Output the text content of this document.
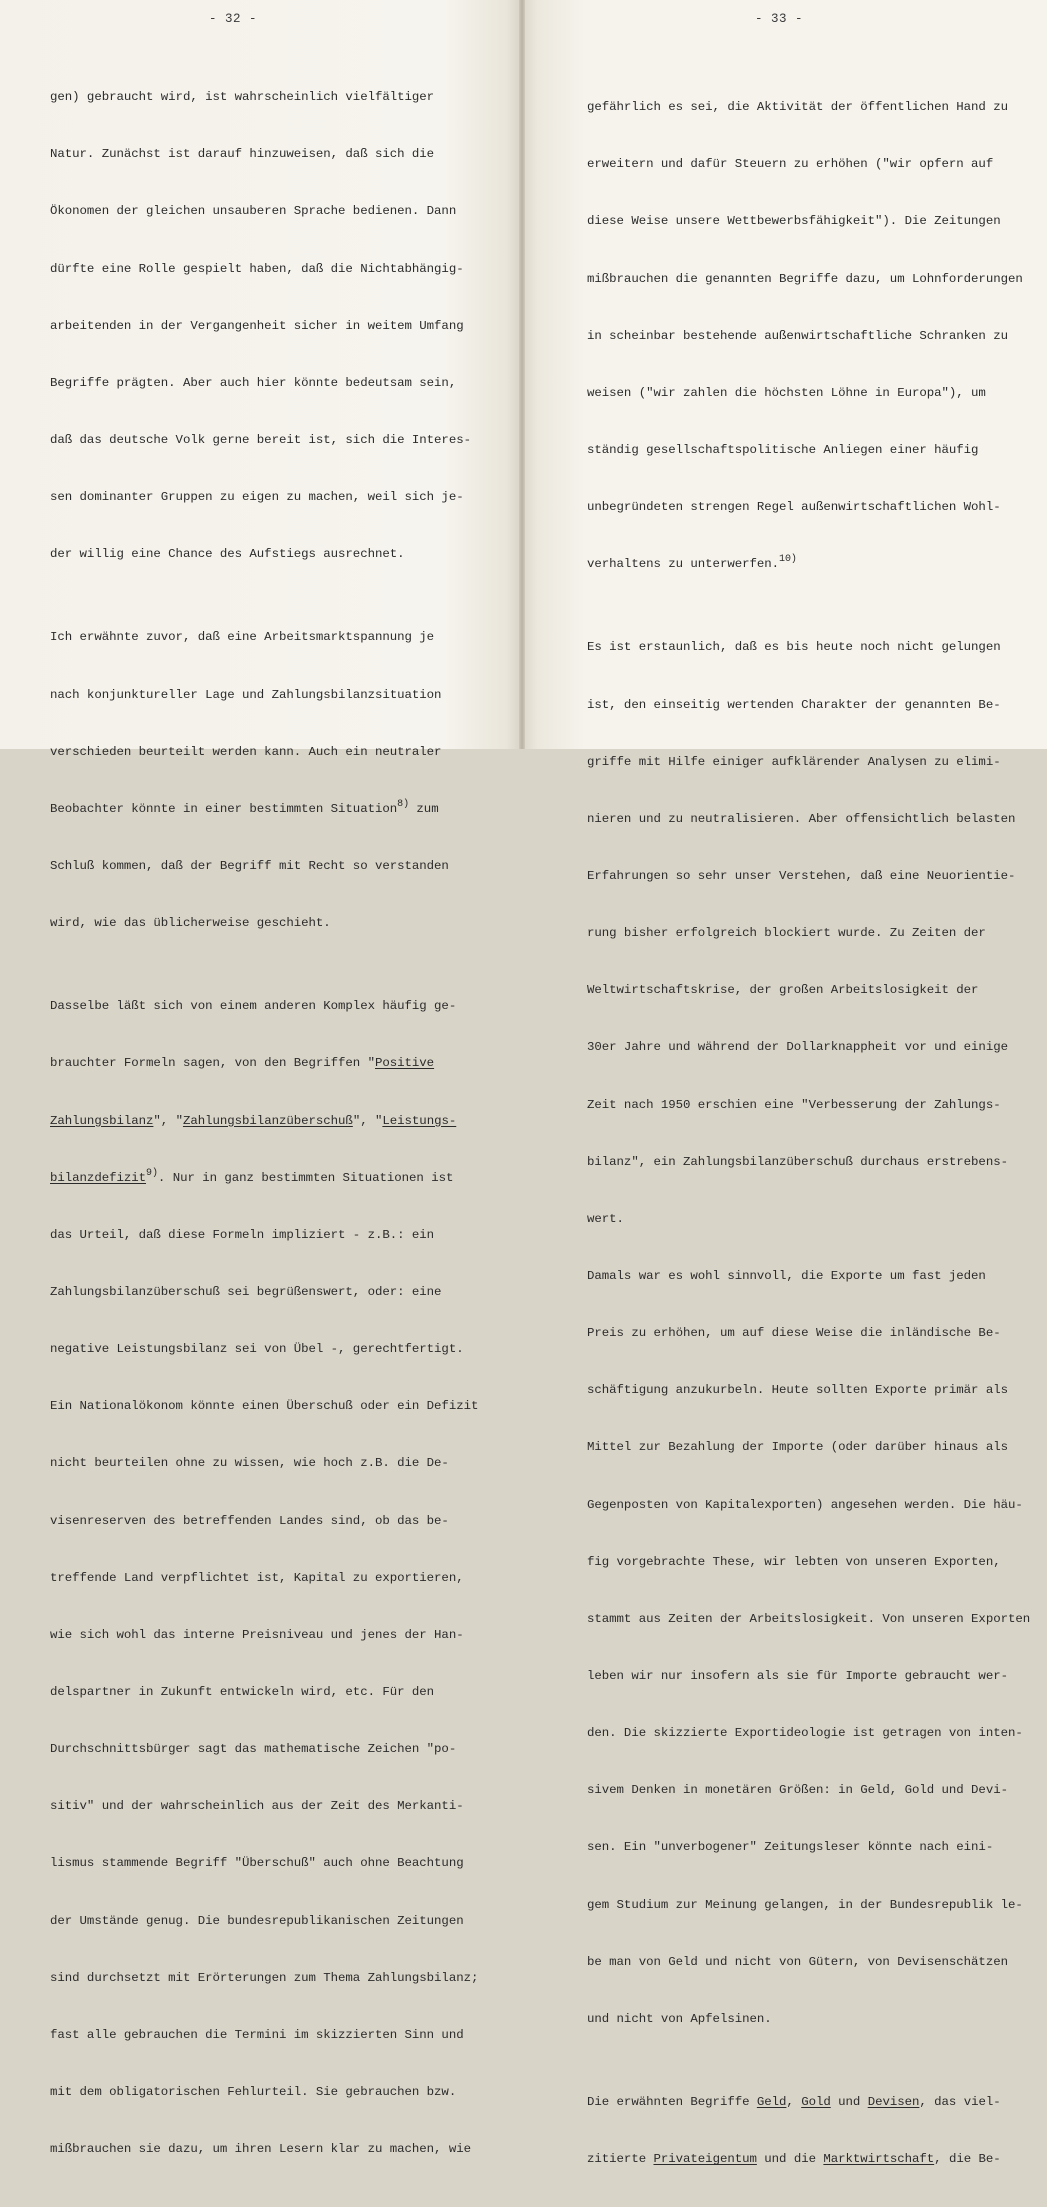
- 32 -

gen) gebraucht wird, ist wahrscheinlich vielfältiger

Natur. Zunächst ist darauf hinzuweisen, daß sich die

Ökonomen der gleichen unsauberen Sprache bedienen. Dann

dürfte eine Rolle gespielt haben, daß die Nichtabhängig-

arbeitenden in der Vergangenheit sicher in weitem Umfang

Begriffe prägten. Aber auch hier könnte bedeutsam sein,

daß das deutsche Volk gerne bereit ist, sich die Interes-

sen dominanter Gruppen zu eigen zu machen, weil sich je-

der willig eine Chance des Aufstiegs ausrechnet.

Ich erwähnte zuvor, daß eine Arbeitsmarktspannung je

nach konjunktureller Lage und Zahlungsbilanzsituation

verschieden beurteilt werden kann. Auch ein neutraler

Beobachter könnte in einer bestimmten Situation$^{8)}$ zum

Schluß kommen, daß der Begriff mit Recht so verstanden

wird, wie das üblicherweise geschieht.

Dasselbe läßt sich von einem anderen Komplex häufig ge-

brauchter Formeln sagen, von den Begriffen "Positive

Zahlungsbilanz", "Zahlungsbilanzüberschuß", "Leistungs-

bilanzdefizit$^{9)}$. Nur in ganz bestimmten Situationen ist

das Urteil, daß diese Formeln impliziert - z.B.: ein

Zahlungsbilanzüberschuß sei begrüßenswert, oder: eine

negative Leistungsbilanz sei von Übel -, gerechtfertigt.

Ein Nationalökonom könnte einen Überschuß oder ein Defizit

nicht beurteilen ohne zu wissen, wie hoch z.B. die De-

visenreserven des betreffenden Landes sind, ob das be-

treffende Land verpflichtet ist, Kapital zu exportieren,

wie sich wohl das interne Preisniveau und jenes der Han-

delspartner in Zukunft entwickeln wird, etc. Für den

Durchschnittsbürger sagt das mathematische Zeichen "po-

sitiv" und der wahrscheinlich aus der Zeit des Merkanti-

lismus stammende Begriff "Überschuß" auch ohne Beachtung

der Umstände genug. Die bundesrepublikanischen Zeitungen

sind durchsetzt mit Erörterungen zum Thema Zahlungsbilanz;

fast alle gebrauchen die Termini im skizzierten Sinn und

mit dem obligatorischen Fehlurteil. Sie gebrauchen bzw.

mißbrauchen sie dazu, um ihren Lesern klar zu machen, wie

- 33 -

gefährlich es sei, die Aktivität der öffentlichen Hand zu

erweitern und dafür Steuern zu erhöhen ("wir opfern auf

diese Weise unsere Wettbewerbsfähigkeit"). Die Zeitungen

mißbrauchen die genannten Begriffe dazu, um Lohnforderungen

in scheinbar bestehende außenwirtschaftliche Schranken zu

weisen ("wir zahlen die höchsten Löhne in Europa"), um

ständig gesellschaftspolitische Anliegen einer häufig

unbegründeten strengen Regel außenwirtschaftlichen Wohl-

verhaltens zu unterwerfen.$^{10)}$

Es ist erstaunlich, daß es bis heute noch nicht gelungen

ist, den einseitig wertenden Charakter der genannten Be-

griffe mit Hilfe einiger aufklärender Analysen zu elimi-

nieren und zu neutralisieren. Aber offensichtlich belasten

Erfahrungen so sehr unser Verstehen, daß eine Neuorientie-

rung bisher erfolgreich blockiert wurde. Zu Zeiten der

Weltwirtschaftskrise, der großen Arbeitslosigkeit der

30er Jahre und während der Dollarknappheit vor und einige

Zeit nach 1950 erschien eine "Verbesserung der Zahlungs-

bilanz", ein Zahlungsbilanzüberschuß durchaus erstrebens-

wert.

Damals war es wohl sinnvoll, die Exporte um fast jeden

Preis zu erhöhen, um auf diese Weise die inländische Be-

schäftigung anzukurbeln. Heute sollten Exporte primär als

Mittel zur Bezahlung der Importe (oder darüber hinaus als

Gegenposten von Kapitalexporten) angesehen werden. Die häu-

fig vorgebrachte These, wir lebten von unseren Exporten,

stammt aus Zeiten der Arbeitslosigkeit. Von unseren Exporten

leben wir nur insofern als sie für Importe gebraucht wer-

den. Die skizzierte Exportideologie ist getragen von inten-

sivem Denken in monetären Größen: in Geld, Gold und Devi-

sen. Ein "unverbogener" Zeitungsleser könnte nach eini-

gem Studium zur Meinung gelangen, in der Bundesrepublik le-

be man von Geld und nicht von Gütern, von Devisenschätzen

und nicht von Apfelsinen.

Die erwähnten Begriffe Geld, Gold und Devisen, das viel-

zitierte Privateigentum und die Marktwirtschaft, die Be-
